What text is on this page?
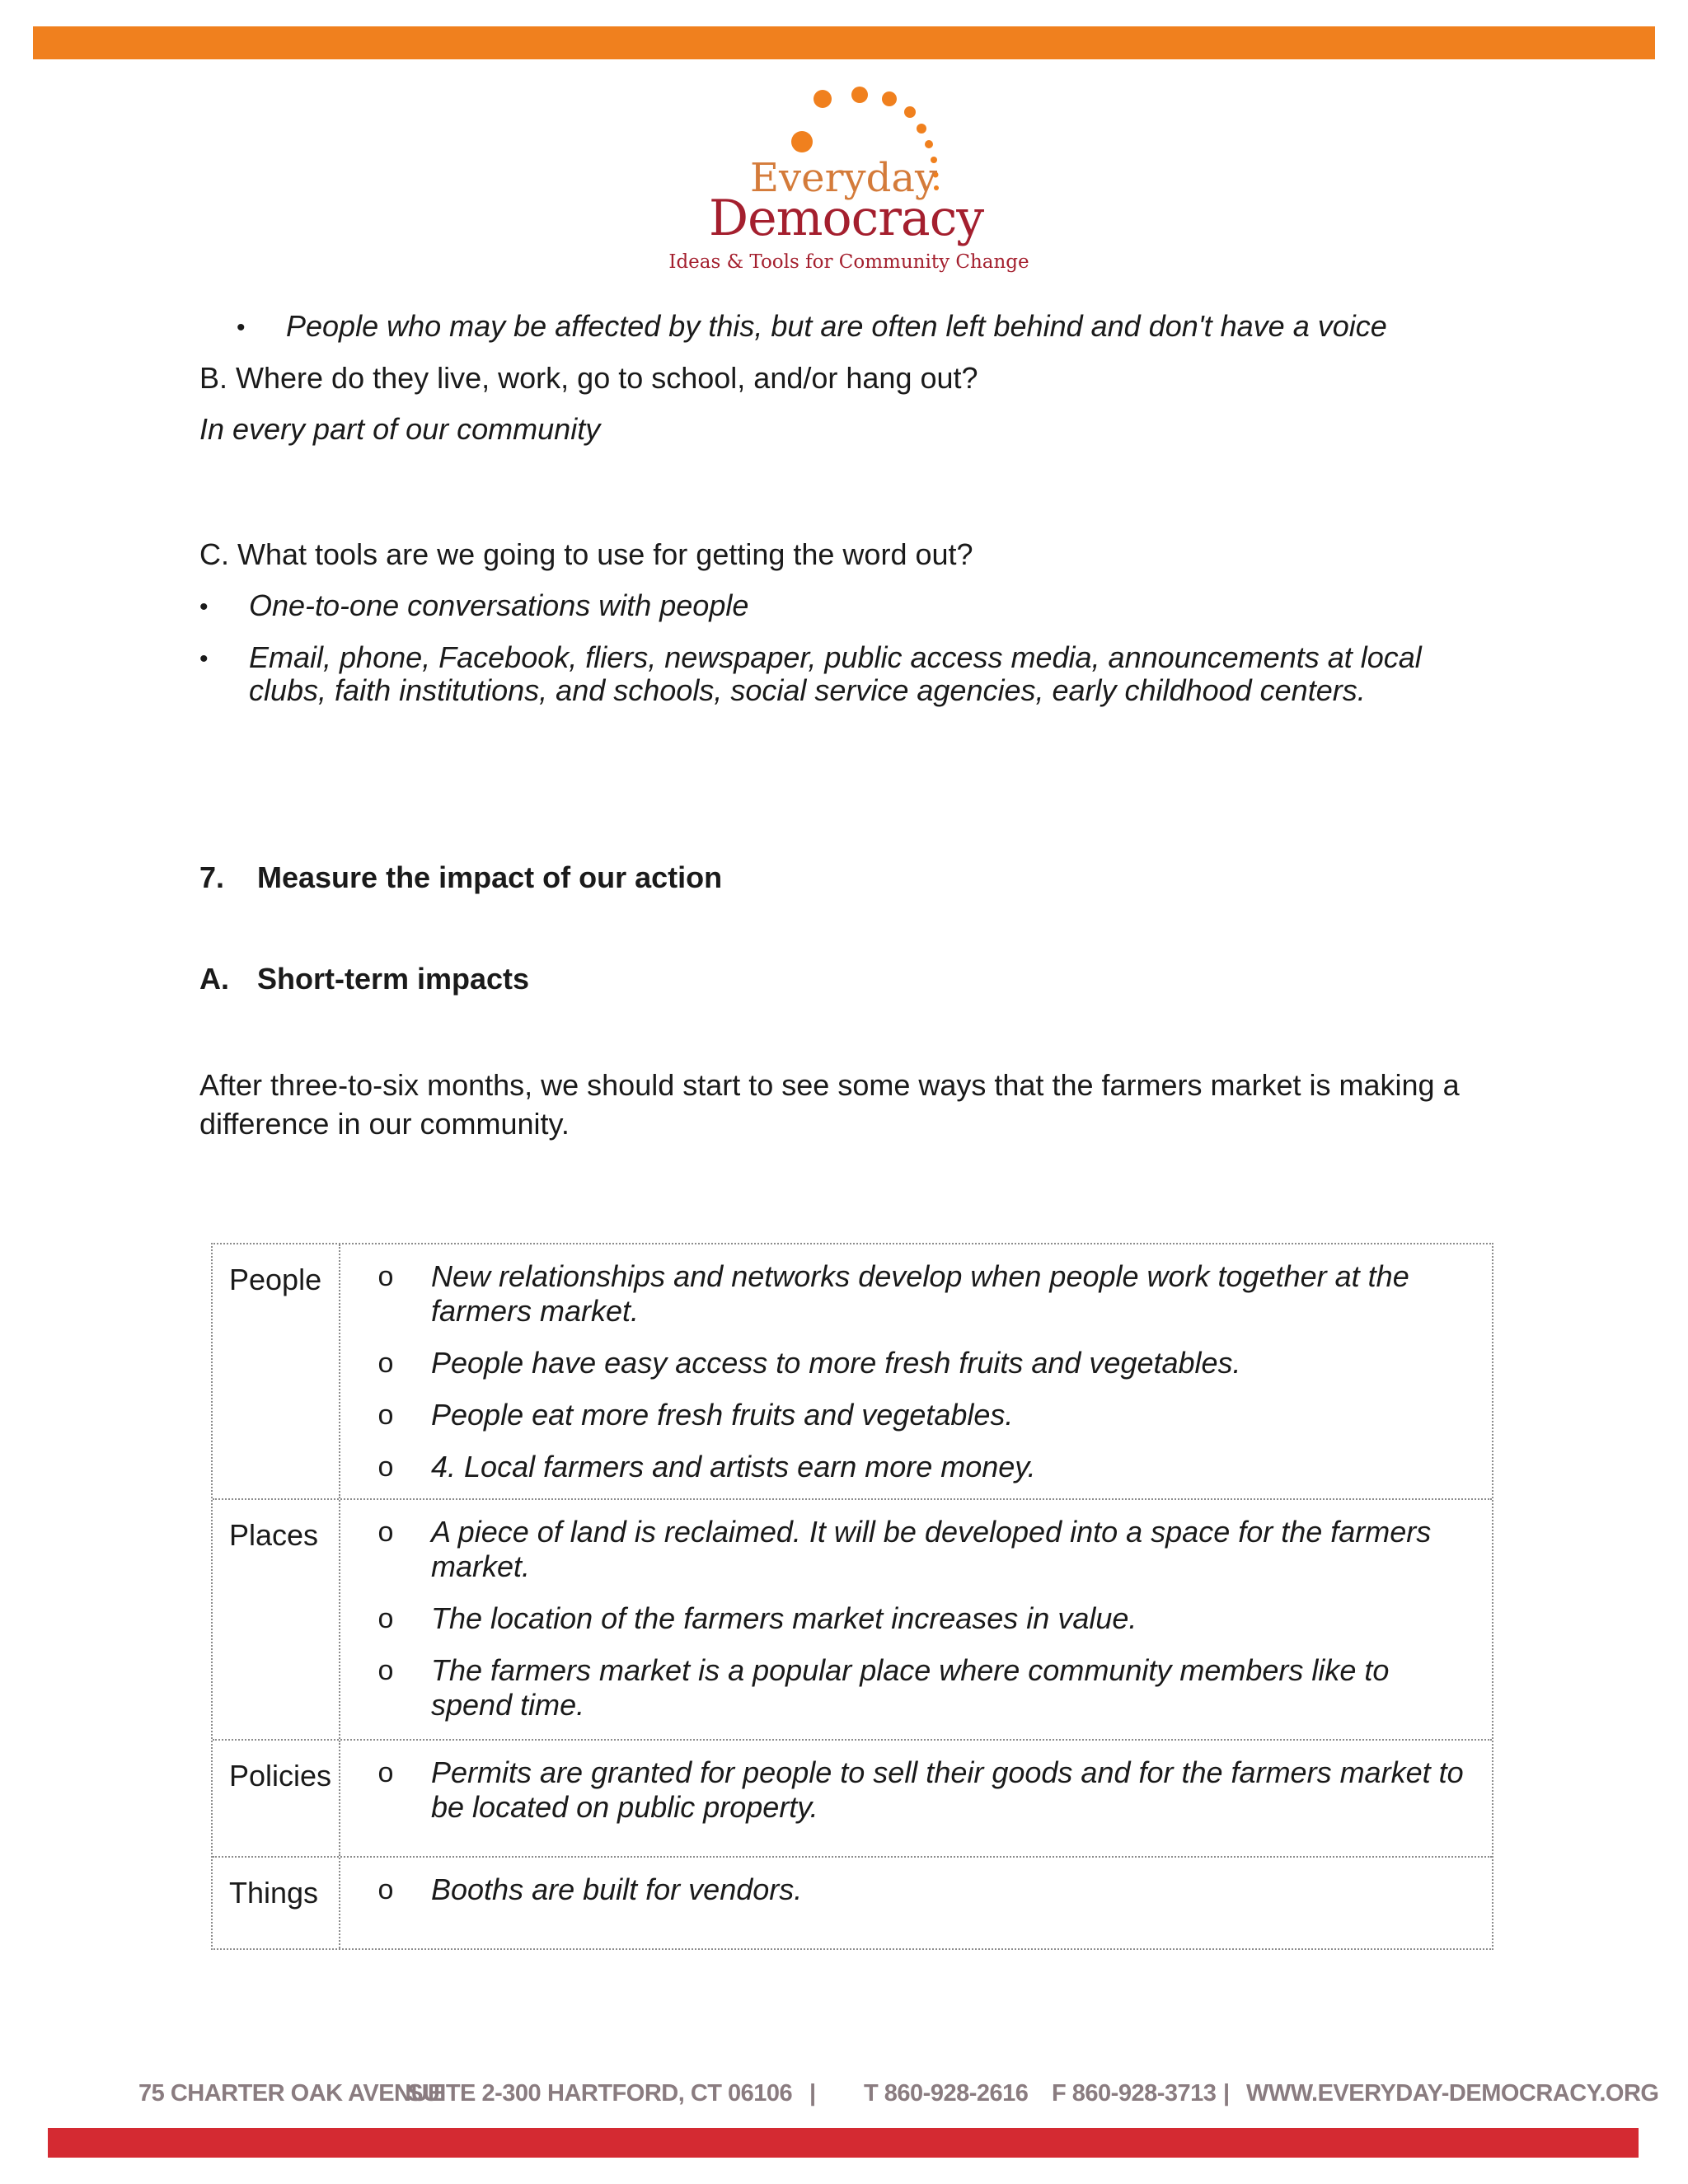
Everyday
Democracy
Ideas & Tools for Community Change
• People who may be affected by this, but are often left behind and don't have a voice
B. Where do they live, work, go to school, and/or hang out?
In every part of our community
C. What tools are we going to use for getting the word out?
• One-to-one conversations with people
• Email, phone, Facebook, fliers, newspaper, public access media, announcements at local
clubs, faith institutions, and schools, social service agencies, early childhood centers.
7. Measure the impact of our action
A. Short-term impacts
After three-to-six months, we should start to see some ways that the farmers market is making a
difference in our community.
People	o	New relationships and networks develop when people work together at the farmers market.
o	People have easy access to more fresh fruits and vegetables.
o	People eat more fresh fruits and vegetables.
o	4. Local farmers and artists earn more money.
Places	o	A piece of land is reclaimed. It will be developed into a space for the farmers market.
o	The location of the farmers market increases in value.
o	The farmers market is a popular place where community members like to spend time.
Policies	o	Permits are granted for people to sell their goods and for the farmers market to be located on public property.
Things	o	Booths are built for vendors.
75 CHARTER OAK AVENUE
SUITE 2-300 HARTFORD, CT 06106 | T 860-928-2616 F 860-928-3713 | WWW.EVERYDAY-DEMOCRACY.ORG
